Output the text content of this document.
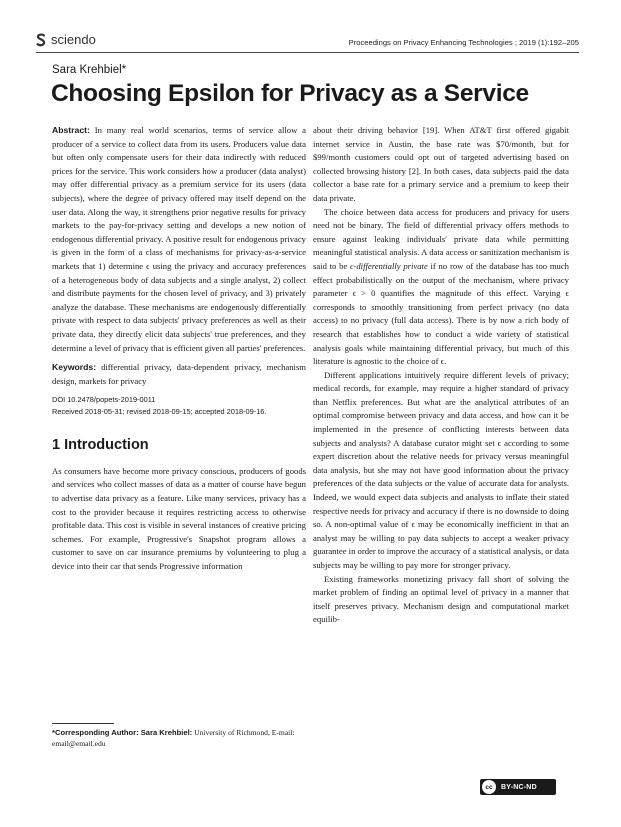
sciendo	Proceedings on Privacy Enhancing Technologies ; 2019 (1):192–205
Sara Krehbiel*
Choosing Epsilon for Privacy as a Service

Abstract: In many real world scenarios, terms of service allow a producer of a service to collect data from its users. Producers value data but often only compensate users for their data indirectly with reduced prices for the service. This work considers how a producer (data analyst) may offer differential privacy as a premium service for its users (data subjects), where the degree of privacy offered may itself depend on the user data. Along the way, it strengthens prior negative results for privacy markets to the pay-for-privacy setting and develops a new notion of endogenous differential privacy. A positive result for endogenous privacy is given in the form of a class of mechanisms for privacy-as-a-service markets that 1) determine ϵ using the privacy and accuracy preferences of a heterogeneous body of data subjects and a single analyst, 2) collect and distribute payments for the chosen level of privacy, and 3) privately analyze the database. These mechanisms are endogenously differentially private with respect to data subjects' privacy preferences as well as their private data, they directly elicit data subjects' true preferences, and they determine a level of privacy that is efficient given all parties' preferences.

Keywords: differential privacy, data-dependent privacy, mechanism design, markets for privacy

DOI 10.2478/popets-2019-0011
Received 2018-05-31; revised 2018-09-15; accepted 2018-09-16.

1 Introduction

As consumers have become more privacy conscious, producers of goods and services who collect masses of data as a matter of course have begun to advertise data privacy as a feature. Like many services, privacy has a cost to the provider because it requires restricting access to otherwise profitable data. This cost is visible in several instances of creative pricing schemes. For example, Progressive's Snapshot program allows a customer to save on car insurance premiums by volunteering to plug a device into their car that sends Progressive information

about their driving behavior [19]. When AT&T first offered gigabit internet service in Austin, the base rate was $70/month, but for $99/month customers could opt out of targeted advertising based on collected browsing history [2]. In both cases, data subjects paid the data collector a base rate for a primary service and a premium to keep their data private.

The choice between data access for producers and privacy for users need not be binary. The field of differential privacy offers methods to ensure against leaking individuals' private data while permitting meaningful statistical analysis. A data access or sanitization mechanism is said to be ϵ-differentially private if no row of the database has too much effect probabilistically on the output of the mechanism, where privacy parameter ϵ > 0 quantifies the magnitude of this effect. Varying ϵ corresponds to smoothly transitioning from perfect privacy (no data access) to no privacy (full data access). There is by now a rich body of research that establishes how to conduct a wide variety of statistical analysis goals while maintaining differential privacy, but much of this literature is agnostic to the choice of ϵ.

Different applications intuitively require different levels of privacy; medical records, for example, may require a higher standard of privacy than Netflix preferences. But what are the analytical attributes of an optimal compromise between privacy and data access, and how can it be implemented in the presence of conflicting interests between data subjects and analysts? A database curator might set ϵ according to some expert discretion about the relative needs for privacy versus meaningful data analysis, but she may not have good information about the privacy preferences of the data subjects or the value of accurate data for analysts. Indeed, we would expect data subjects and analysts to inflate their stated respective needs for privacy and accuracy if there is no downside to doing so. A non-optimal value of ϵ may be economically inefficient in that an analyst may be willing to pay data subjects to accept a weaker privacy guarantee in order to improve the accuracy of a statistical analysis, or data subjects may be willing to pay more for stronger privacy.

Existing frameworks monetizing privacy fall short of solving the market problem of finding an optimal level of privacy in a manner that itself preserves privacy. Mechanism design and computational market equilib-

*Corresponding Author: Sara Krehbiel: University of Richmond, E-mail: email@email.edu
cc	BY-NC-ND
